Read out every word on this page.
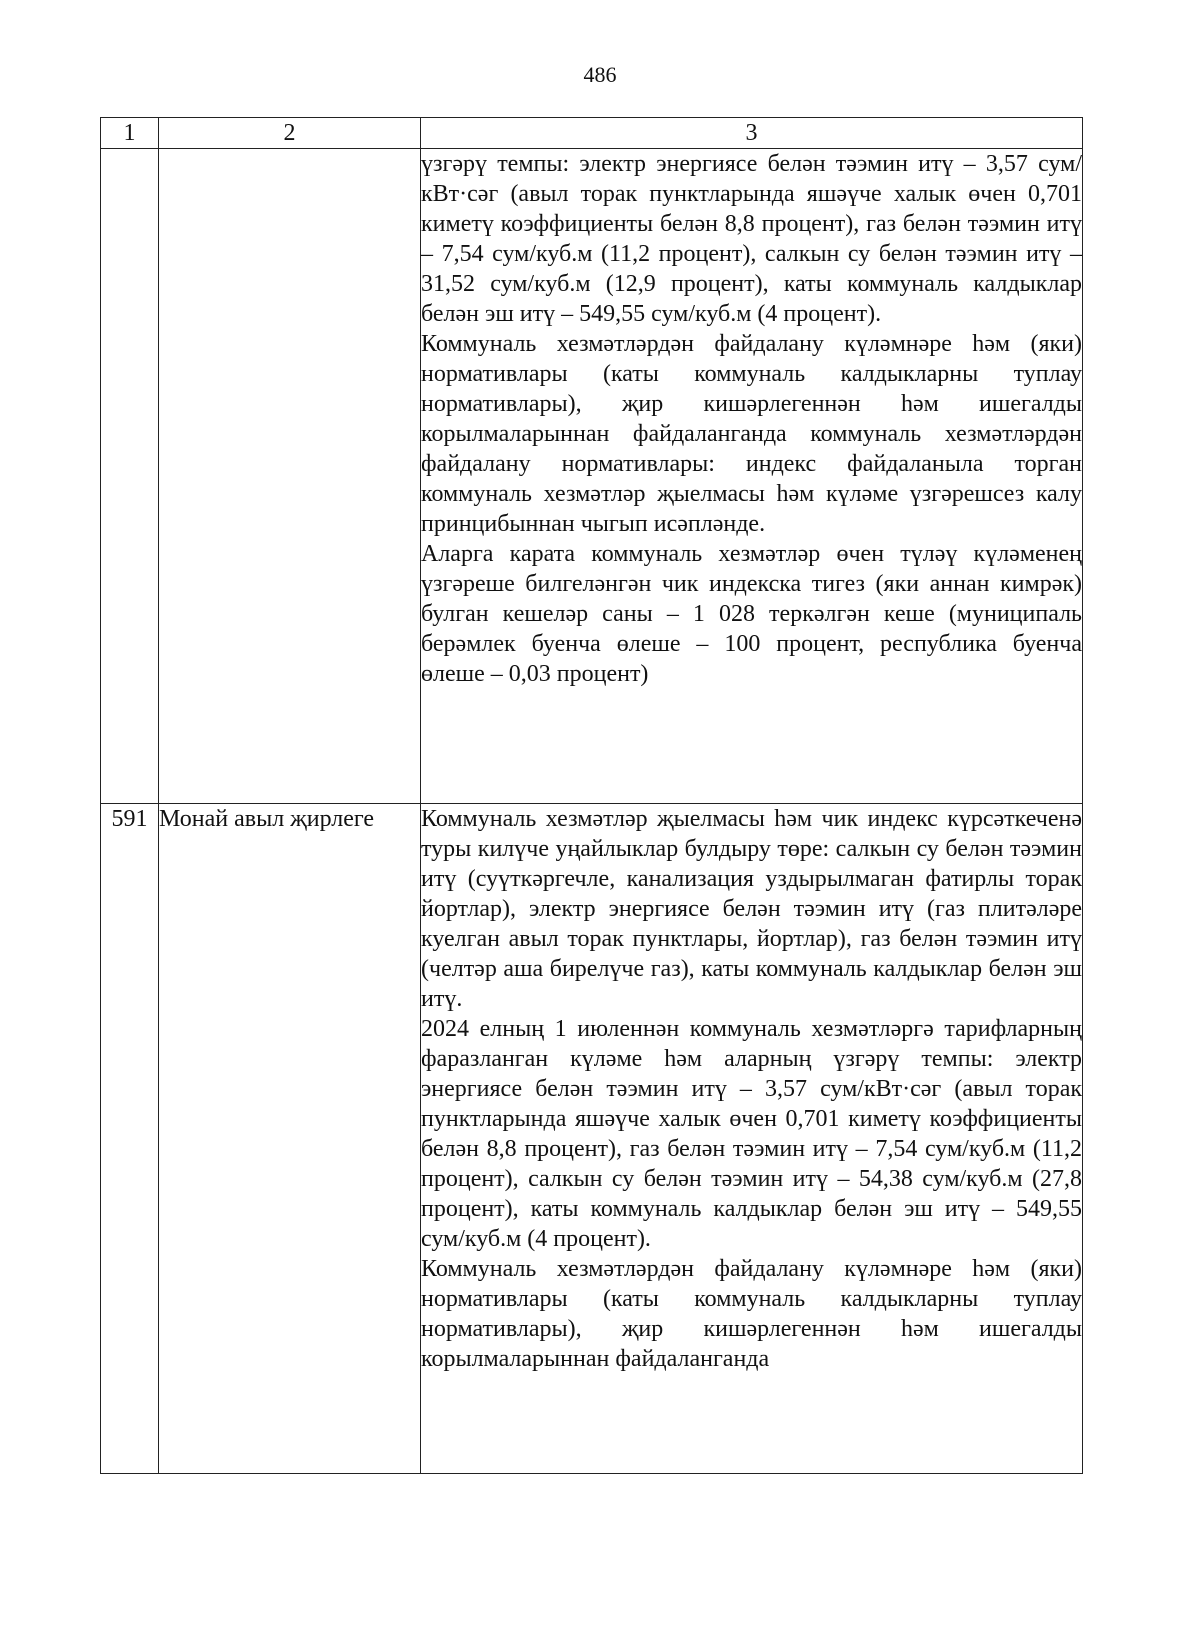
486
1	2	3

		үзгәрү темпы: электр энергиясе белән тәэмин итү – 3,57 сум/кВт·сәг (авыл торак пунктларында яшәүче халык өчен 0,701 киметү коэффициенты белән 8,8 процент), газ белән тәэмин итү – 7,54 сум/куб.м (11,2 процент), салкын су белән тәэмин итү – 31,52 сум/куб.м (12,9 процент), каты коммуналь калдыклар белән эш итү – 549,55 сум/куб.м (4 процент).

Коммуналь хезмәтләрдән файдалану күләмнәре һәм (яки) нормативлары (каты коммуналь калдыкларны туплау нормативлары), җир кишәрлегеннән һәм ишегалды корылмаларыннан файдаланганда коммуналь хезмәтләрдән файдалану нормативлары: индекс файдаланыла торган коммуналь хезмәтләр җыелмасы һәм күләме үзгәрешсез калу принцибыннан чыгып исәпләнде.

Аларга карата коммуналь хезмәтләр өчен түләү күләменең үзгәреше билгеләнгән чик индекска тигез (яки аннан кимрәк) булган кешеләр саны – 1 028 теркәлгән кеше (муниципаль берәмлек буенча өлеше – 100 процент, республика буенча өлеше – 0,03 процент)

591	Монай авыл җирлеге	Коммуналь хезмәтләр җыелмасы һәм чик индекс күрсәткеченә туры килүче уңайлыклар булдыру төре: салкын су белән тәэмин итү (суүткәргечле, канализация уздырылмаган фатирлы торак йортлар), электр энергиясе белән тәэмин итү (газ плитәләре куелган авыл торак пунктлары, йортлар), газ белән тәэмин итү (челтәр аша бирелүче газ), каты коммуналь калдыклар белән эш итү.

2024 елның 1 июленнән коммуналь хезмәтләргә тарифларның фаразланган күләме һәм аларның үзгәрү темпы: электр энергиясе белән тәэмин итү – 3,57 сум/кВт·сәг (авыл торак пунктларында яшәүче халык өчен 0,701 киметү коэффициенты белән 8,8 процент), газ белән тәэмин итү – 7,54 сум/куб.м (11,2 процент), салкын су белән тәэмин итү – 54,38 сум/куб.м (27,8 процент), каты коммуналь калдыклар белән эш итү – 549,55 сум/куб.м (4 процент).

Коммуналь хезмәтләрдән файдалану күләмнәре һәм (яки) нормативлары (каты коммуналь калдыкларны туплау нормативлары), җир кишәрлегеннән һәм ишегалды корылмаларыннан файдаланганда
